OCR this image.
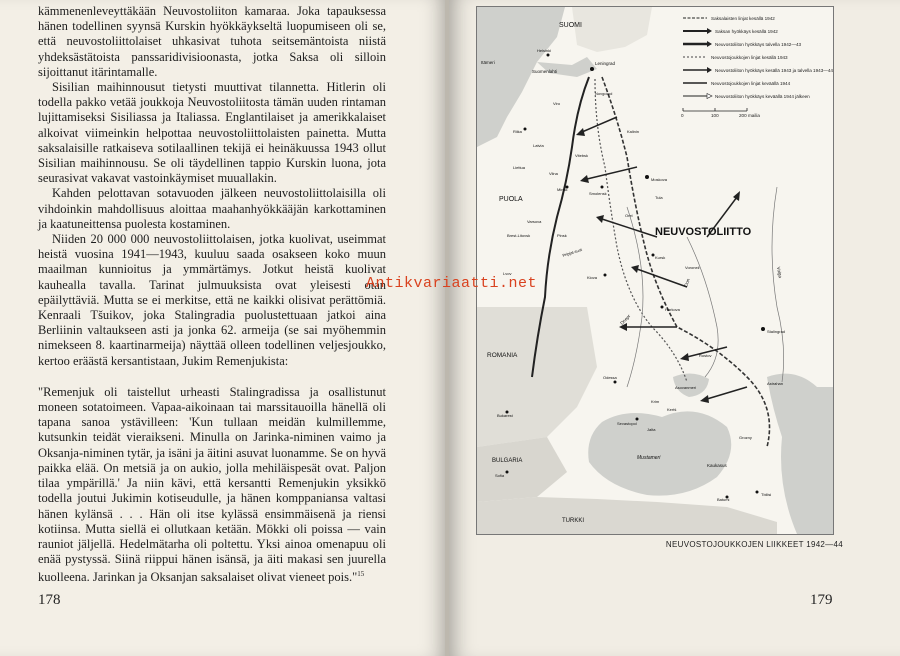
kämmenenleveyttäkään Neuvostoliiton kamaraa. Joka tapauksessa hänen todellinen syynsä Kurskin hyökkäykseltä luopumiseen oli se, että neuvostoliittolaiset uhkasivat tuhota seitsemäntoista niistä yhdeksästätoista panssaridivisioonasta, jotka Saksa oli silloin sijoittanut itärintamalle.

Sisilian maihinnousut tietysti muuttivat tilannetta. Hitlerin oli todella pakko vetää joukkoja Neuvostoliitosta tämän uuden rintaman lujittamiseksi Sisiliassa ja Italiassa. Englantilaiset ja amerikkalaiset alkoivat viimeinkin helpottaa neuvostoliittolaisten painetta. Mutta saksalaisille ratkaiseva sotilaallinen tekijä ei heinäkuussa 1943 ollut Sisilian maihinnousu. Se oli täydellinen tappio Kurskin luona, jota seurasivat vakavat vastoinkäymiset muuallakin.

Kahden pelottavan sotavuoden jälkeen neuvostoliittolaisilla oli vihdoinkin mahdollisuus aloittaa maahanhyökkääjän karkottaminen ja kaatuneittensa puolesta kostaminen.

Niiden 20 000 000 neuvostoliittolaisen, jotka kuolivat, useimmat heistä vuosina 1941—1943, kuuluu saada osakseen koko muun maailman kunnioitus ja ymmärtämys. Jotkut heistä kuolivat kauhealla tavalla. Tarinat julmuuksista ovat yleisesti otan epäilyttäviä. Mutta se ei merkitse, että ne kaikki olisivat perättömiä. Kenraali Tšuikov, joka Stalingradia puolustettuaan jatkoi aina Berliinin valtaukseen asti ja jonka 62. armeija (se sai myöhemmin nimekseen 8. kaartinarmeija) näyttää olleen todellinen veljesjoukko, kertoo eräästä kersantistaan, Jukim Remenjukista:

"Remenjuk oli taistellut urheasti Stalingradissa ja osallistunut moneen sotatoimeen. Vapaa-aikoinaan tai marssitauoilla hänellä oli tapana sanoa ystävilleen: 'Kun tullaan meidän kulmillemme, kutsunkin teidät vieraikseni. Minulla on Jarinka-niminen vaimo ja Oksanja-niminen tytär, ja isäni ja äitini asuvat luonamme. Se on hyvä paikka elää. On metsiä ja on aukio, jolla mehiläispesät ovat. Paljon tilaa ympärillä.' Ja niin kävi, että kersantti Remenjukin yksikkö todella joutui Jukimin kotiseudulle, ja hänen komppaniansa valtasi hänen kylänsä . . . Hän oli itse kylässä ensimmäisenä ja riensi kotiinsa. Mutta siellä ei ollutkaan ketään. Mökki oli poissa — vain rauniot jäljellä. Hedelmätarha oli poltettu. Yksi ainoa omenapuu oli enää pystyssä. Siinä riippui hänen isänsä, ja äiti makasi sen juurella kuolleena. Jarinkan ja Oksanjan saksalaiset olivat vieneet pois."$^{15}$

178
SUOMI
Itämeri
Suomenlahti
Helsinki
Leningrad
Viro
Novgorod
Riika
Latvia
Liettua
Vilna
Vitebsk
Kalinin
PUOLA
Minsk
Smolensk
Moskova
Tula
Orel
Varsova
Brest-Litovsk	Pinsk	NEUVOSTOLIITTO
Pripjat-suot	Kursk
Voronež
Don
Lvov
Kiova
Dnepr
Harkova
Stalingrad
Volga
ROMANIA	Rostov
Odessa
Asovanmeri
Krim
Kertš
Astrahan
Bukarest
Sevastopol
Jalta
BULGARIA
Sofia
Mustameri
Grozny
Kaukasus
Batumi
Tbilisi
TURKKI
Saksalaisten linjat kesällä 1942
Saksan hyökkäys kesällä 1942
Neuvostoliiton hyökkäys talvella 1942—43
Neuvostojoukkojen linjat kesällä 1943
Neuvostoliiton hyökkäys kesällä 1943 ja talvella 1943—44
Neuvostojoukkojen linjat keväällä 1944
Neuvostoliiton hyökkäys keväällä 1944 jälkeen
0	100	200 mailia
NEUVOSTOJOUKKOJEN LIIKKEET 1942—44
179
Antikvariaatti.net
